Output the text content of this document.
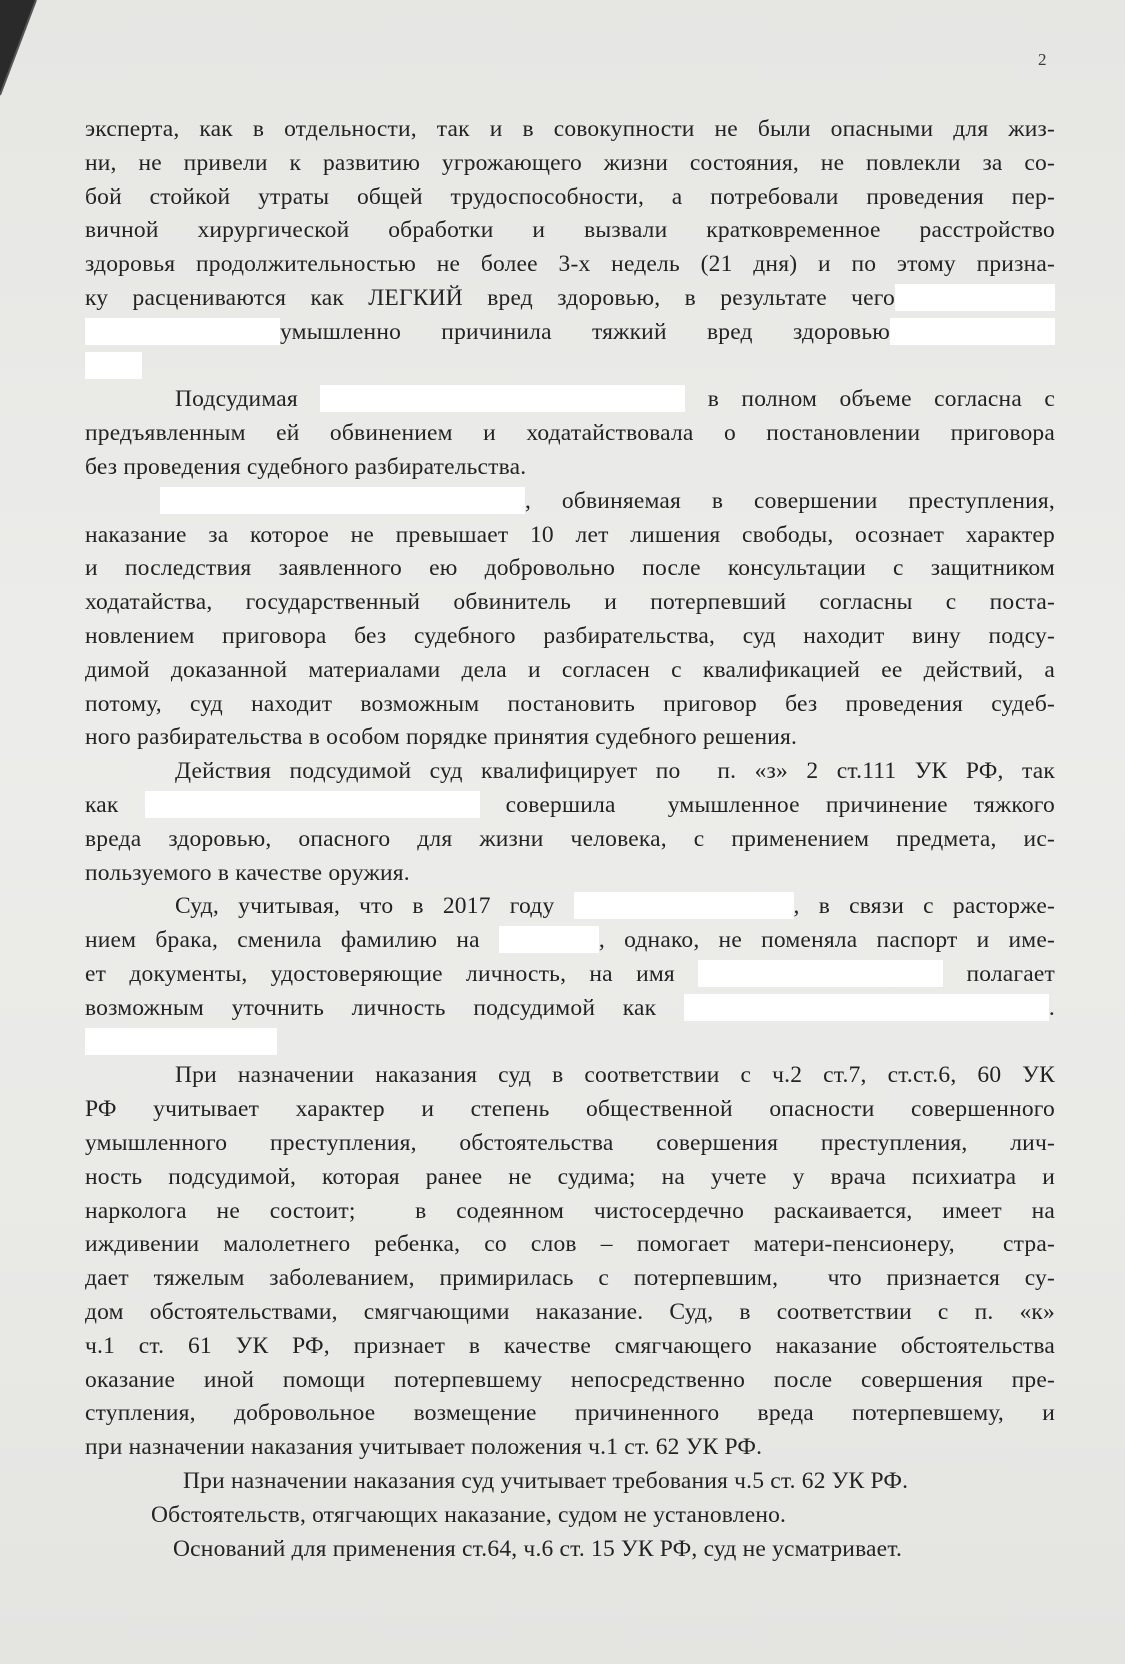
2
эксперта, как в отдельности, так и в совокупности не были опасными для жиз-
ни, не привели к развитию угрожающего жизни состояния, не повлекли за со-
бой стойкой утраты общей трудоспособности, а потребовали проведения пер-
вичной хирургической обработки и вызвали кратковременное расстройство
здоровья продолжительностью не более 3-х недель (21 дня) и по этому призна-
ку расцениваются как ЛЕГКИЙ вред здоровью, в результате чего
умышленно причинила тяжкий вред здоровью
Подсудимая	в полном объеме согласна с
предъявленным ей обвинением и ходатайствовала о постановлении приговора
без проведения судебного разбирательства.
, обвиняемая в совершении преступления,
наказание за которое не превышает 10 лет лишения свободы, осознает характер
и последствия заявленного ею добровольно после консультации с защитником
ходатайства, государственный обвинитель и потерпевший согласны с поста-
новлением приговора без судебного разбирательства, суд находит вину подсу-
димой доказанной материалами дела и согласен с квалификацией ее действий, а
потому, суд находит возможным постановить приговор без проведения судеб-
ного разбирательства в особом порядке принятия судебного решения.
Действия подсудимой суд квалифицирует по  п. «з» 2 ст.111 УК РФ, так
как	совершила  умышленное причинение тяжкого
вреда здоровью, опасного для жизни человека, с применением предмета, ис-
пользуемого в качестве оружия.
Суд, учитывая, что в 2017 году	, в связи с расторже-
нием брака, сменила фамилию на	, однако, не поменяла паспорт и име-
ет документы, удостоверяющие личность, на имя	полагает
возможным уточнить личность подсудимой как	.
При назначении наказания суд в соответствии с ч.2 ст.7, ст.ст.6, 60 УК
РФ учитывает характер и степень общественной опасности совершенного
умышленного преступления, обстоятельства совершения преступления, лич-
ность подсудимой, которая ранее не судима; на учете у врача психиатра и
нарколога не состоит;  в содеянном чистосердечно раскаивается, имеет на
иждивении малолетнего ребенка, со слов – помогает матери-пенсионеру,  стра-
дает тяжелым заболеванием, примирилась с потерпевшим,  что признается су-
дом обстоятельствами, смягчающими наказание. Суд, в соответствии с п. «к»
ч.1 ст. 61 УК РФ, признает в качестве смягчающего наказание обстоятельства
оказание иной помощи потерпевшему непосредственно после совершения пре-
ступления, добровольное возмещение причиненного вреда потерпевшему, и
при назначении наказания учитывает положения ч.1 ст. 62 УК РФ.
При назначении наказания суд учитывает требования ч.5 ст. 62 УК РФ.
Обстоятельств, отягчающих наказание, судом не установлено.
Оснований для применения ст.64, ч.6 ст. 15 УК РФ, суд не усматривает.
